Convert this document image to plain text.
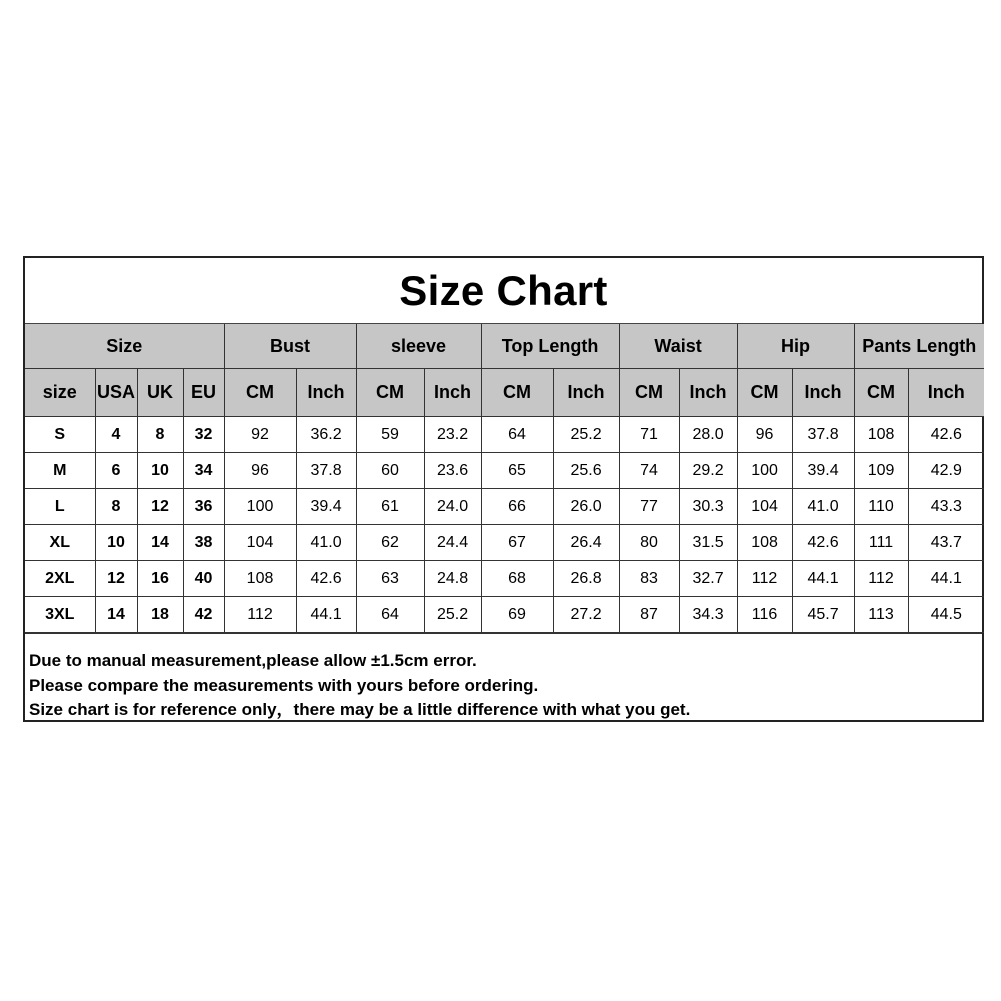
Size Chart
Size				Bust		sleeve		Top Length		Waist		Hip		Pants Length	
size	USA	UK	EU	CM	Inch	CM	Inch	CM	Inch	CM	Inch	CM	Inch	CM	Inch
S	4	8	32	92	36.2	59	23.2	64	25.2	71	28.0	96	37.8	108	42.6
M	6	10	34	96	37.8	60	23.6	65	25.6	74	29.2	100	39.4	109	42.9
L	8	12	36	100	39.4	61	24.0	66	26.0	77	30.3	104	41.0	110	43.3
XL	10	14	38	104	41.0	62	24.4	67	26.4	80	31.5	108	42.6	111	43.7
2XL	12	16	40	108	42.6	63	24.8	68	26.8	83	32.7	112	44.1	112	44.1
3XL	14	18	42	112	44.1	64	25.2	69	27.2	87	34.3	116	45.7	113	44.5
Due to manual measurement,please allow ±1.5cm error.
Please compare the measurements with yours before ordering.
Size chart is for reference only，there may be a little difference with what you get.
